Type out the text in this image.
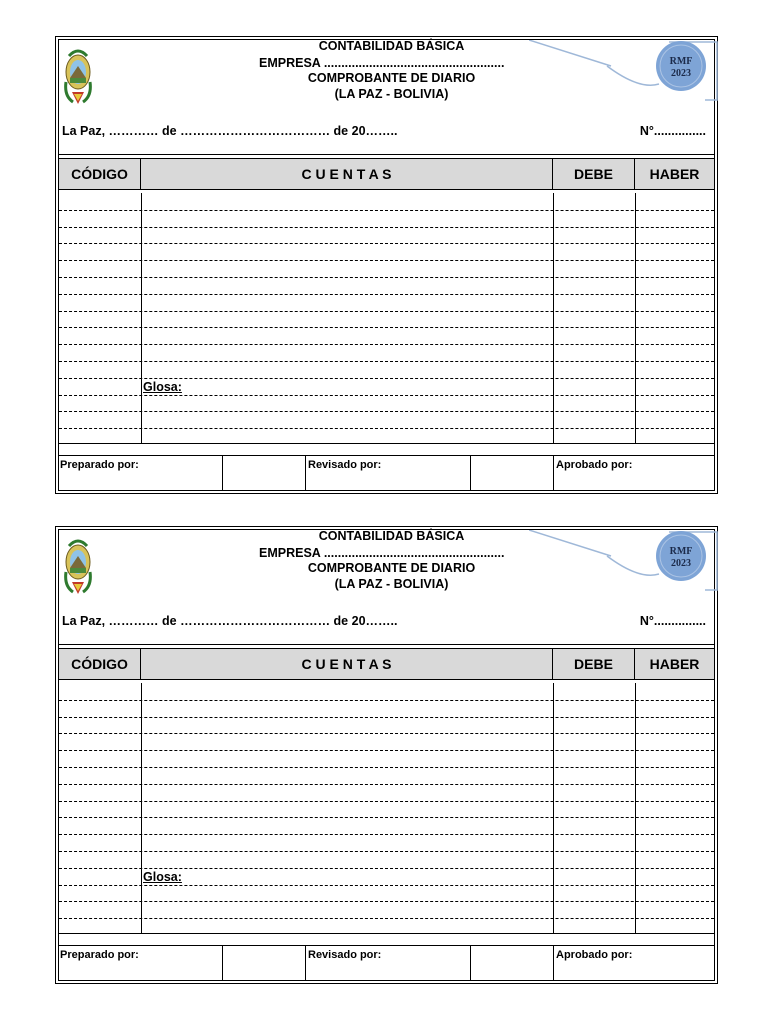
CONTABILIDAD BÁSICA
EMPRESA ....................................................
COMPROBANTE DE DIARIO
(LA PAZ - BOLIVIA)
RMF
2023
La Paz, ………… de ……………………………… de 20……..	N°...............
CÓDIGO	C U E N T A S	DEBE	HABER
Glosa:
Preparado por:	Revisado por:	Aprobado por:
CONTABILIDAD BÁSICA
EMPRESA ....................................................
COMPROBANTE DE DIARIO
(LA PAZ - BOLIVIA)
RMF
2023
La Paz, ………… de ……………………………… de 20……..	N°...............
CÓDIGO	C U E N T A S	DEBE	HABER
Glosa:
Preparado por:	Revisado por:	Aprobado por:
